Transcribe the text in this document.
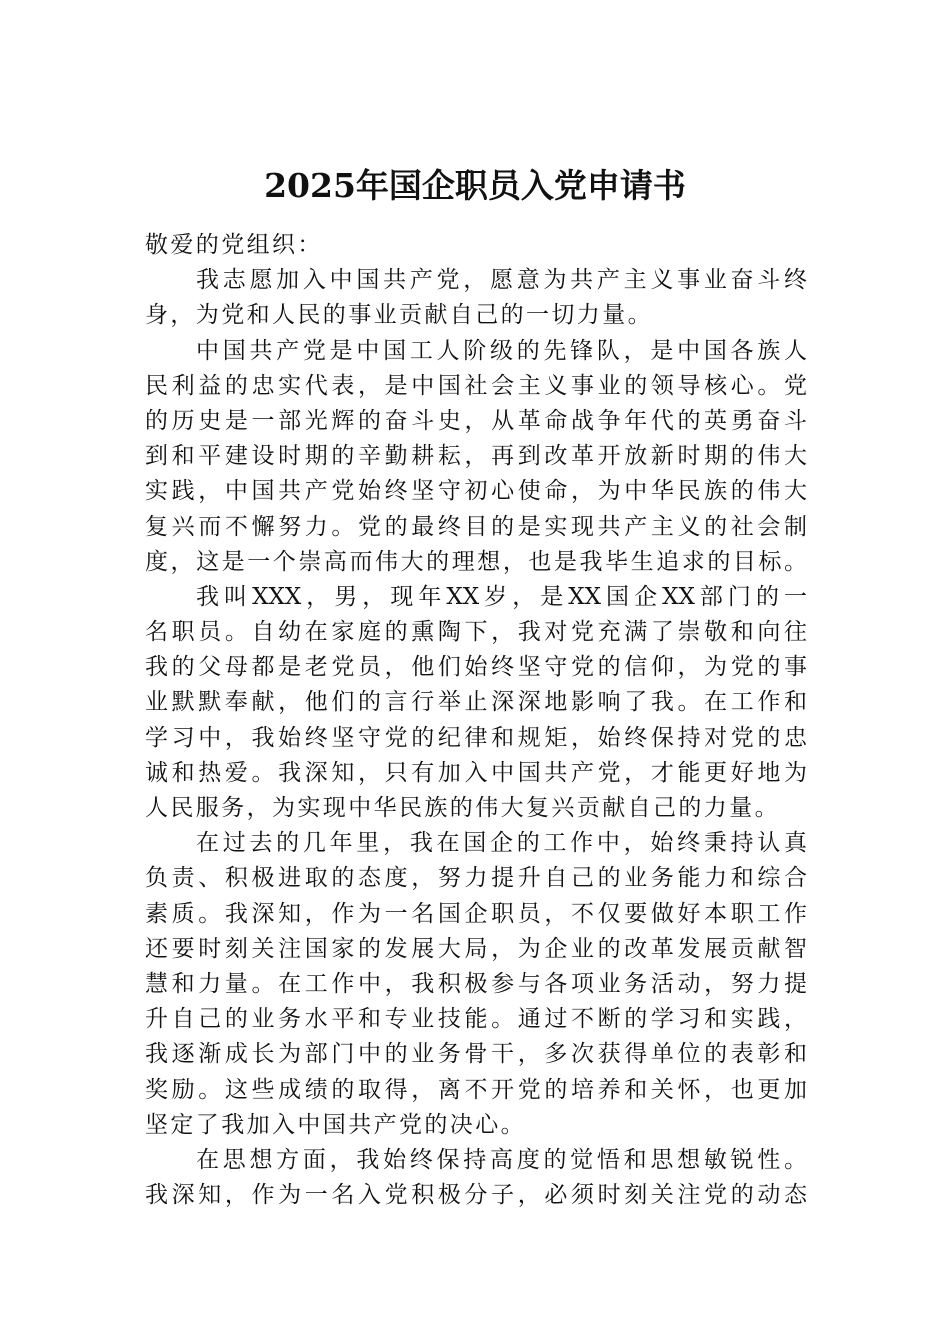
2025年国企职员入党申请书
敬爱的党组织：
我志愿加入中国共产党，愿意为共产主义事业奋斗终
身，为党和人民的事业贡献自己的一切力量。
中国共产党是中国工人阶级的先锋队，是中国各族人
民利益的忠实代表，是中国社会主义事业的领导核心。党
的历史是一部光辉的奋斗史，从革命战争年代的英勇奋斗
到和平建设时期的辛勤耕耘，再到改革开放新时期的伟大
实践，中国共产党始终坚守初心使命，为中华民族的伟大
复兴而不懈努力。党的最终目的是实现共产主义的社会制
度，这是一个崇高而伟大的理想，也是我毕生追求的目标。
我叫XXX，男，现年XX岁，是XX国企XX部门的一
名职员。自幼在家庭的熏陶下，我对党充满了崇敬和向往
我的父母都是老党员，他们始终坚守党的信仰，为党的事
业默默奉献，他们的言行举止深深地影响了我。在工作和
学习中，我始终坚守党的纪律和规矩，始终保持对党的忠
诚和热爱。我深知，只有加入中国共产党，才能更好地为
人民服务，为实现中华民族的伟大复兴贡献自己的力量。
在过去的几年里，我在国企的工作中，始终秉持认真
负责、积极进取的态度，努力提升自己的业务能力和综合
素质。我深知，作为一名国企职员，不仅要做好本职工作
还要时刻关注国家的发展大局，为企业的改革发展贡献智
慧和力量。在工作中，我积极参与各项业务活动，努力提
升自己的业务水平和专业技能。通过不断的学习和实践，
我逐渐成长为部门中的业务骨干，多次获得单位的表彰和
奖励。这些成绩的取得，离不开党的培养和关怀，也更加
坚定了我加入中国共产党的决心。
在思想方面，我始终保持高度的觉悟和思想敏锐性。
我深知，作为一名入党积极分子，必须时刻关注党的动态
